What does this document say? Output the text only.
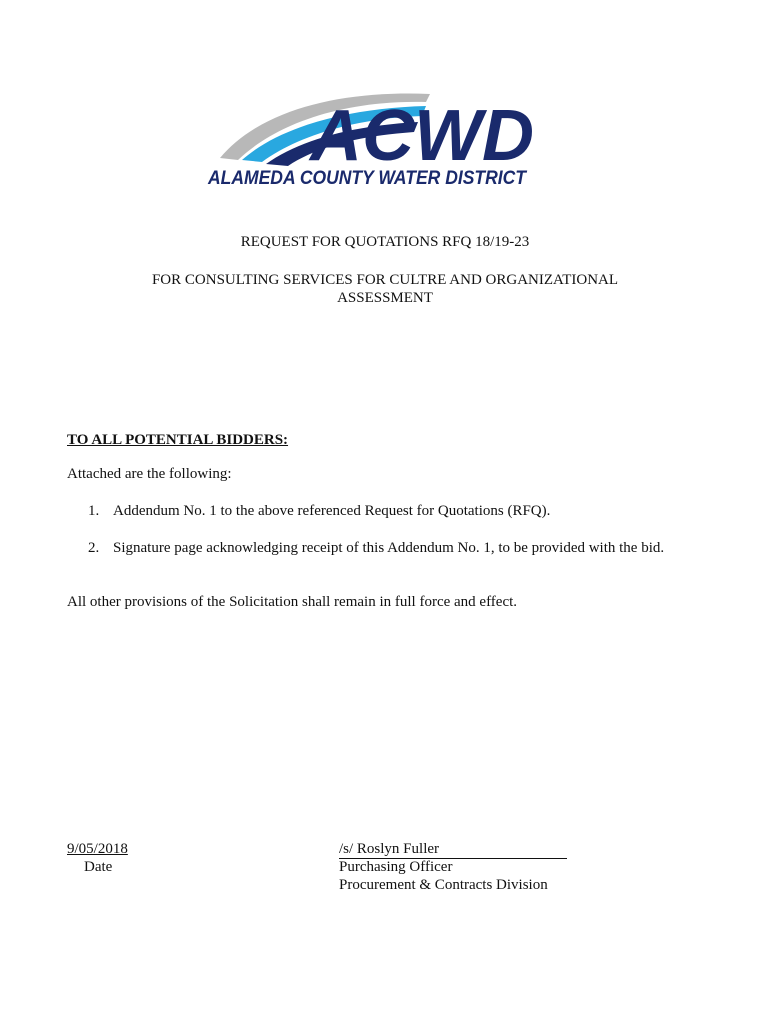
ACWD
ALAMEDA COUNTY WATER DISTRICT
REQUEST FOR QUOTATIONS RFQ 18/19-23
FOR CONSULTING SERVICES FOR CULTRE AND ORGANIZATIONAL ASSESSMENT
TO ALL POTENTIAL BIDDERS:
Attached are the following:
1. Addendum No. 1 to the above referenced Request for Quotations (RFQ).
2. Signature page acknowledging receipt of this Addendum No. 1, to be provided with the bid.
All other provisions of the Solicitation shall remain in full force and effect.
9/05/2018
Date
/s/ Roslyn Fuller
Purchasing Officer
Procurement & Contracts Division
